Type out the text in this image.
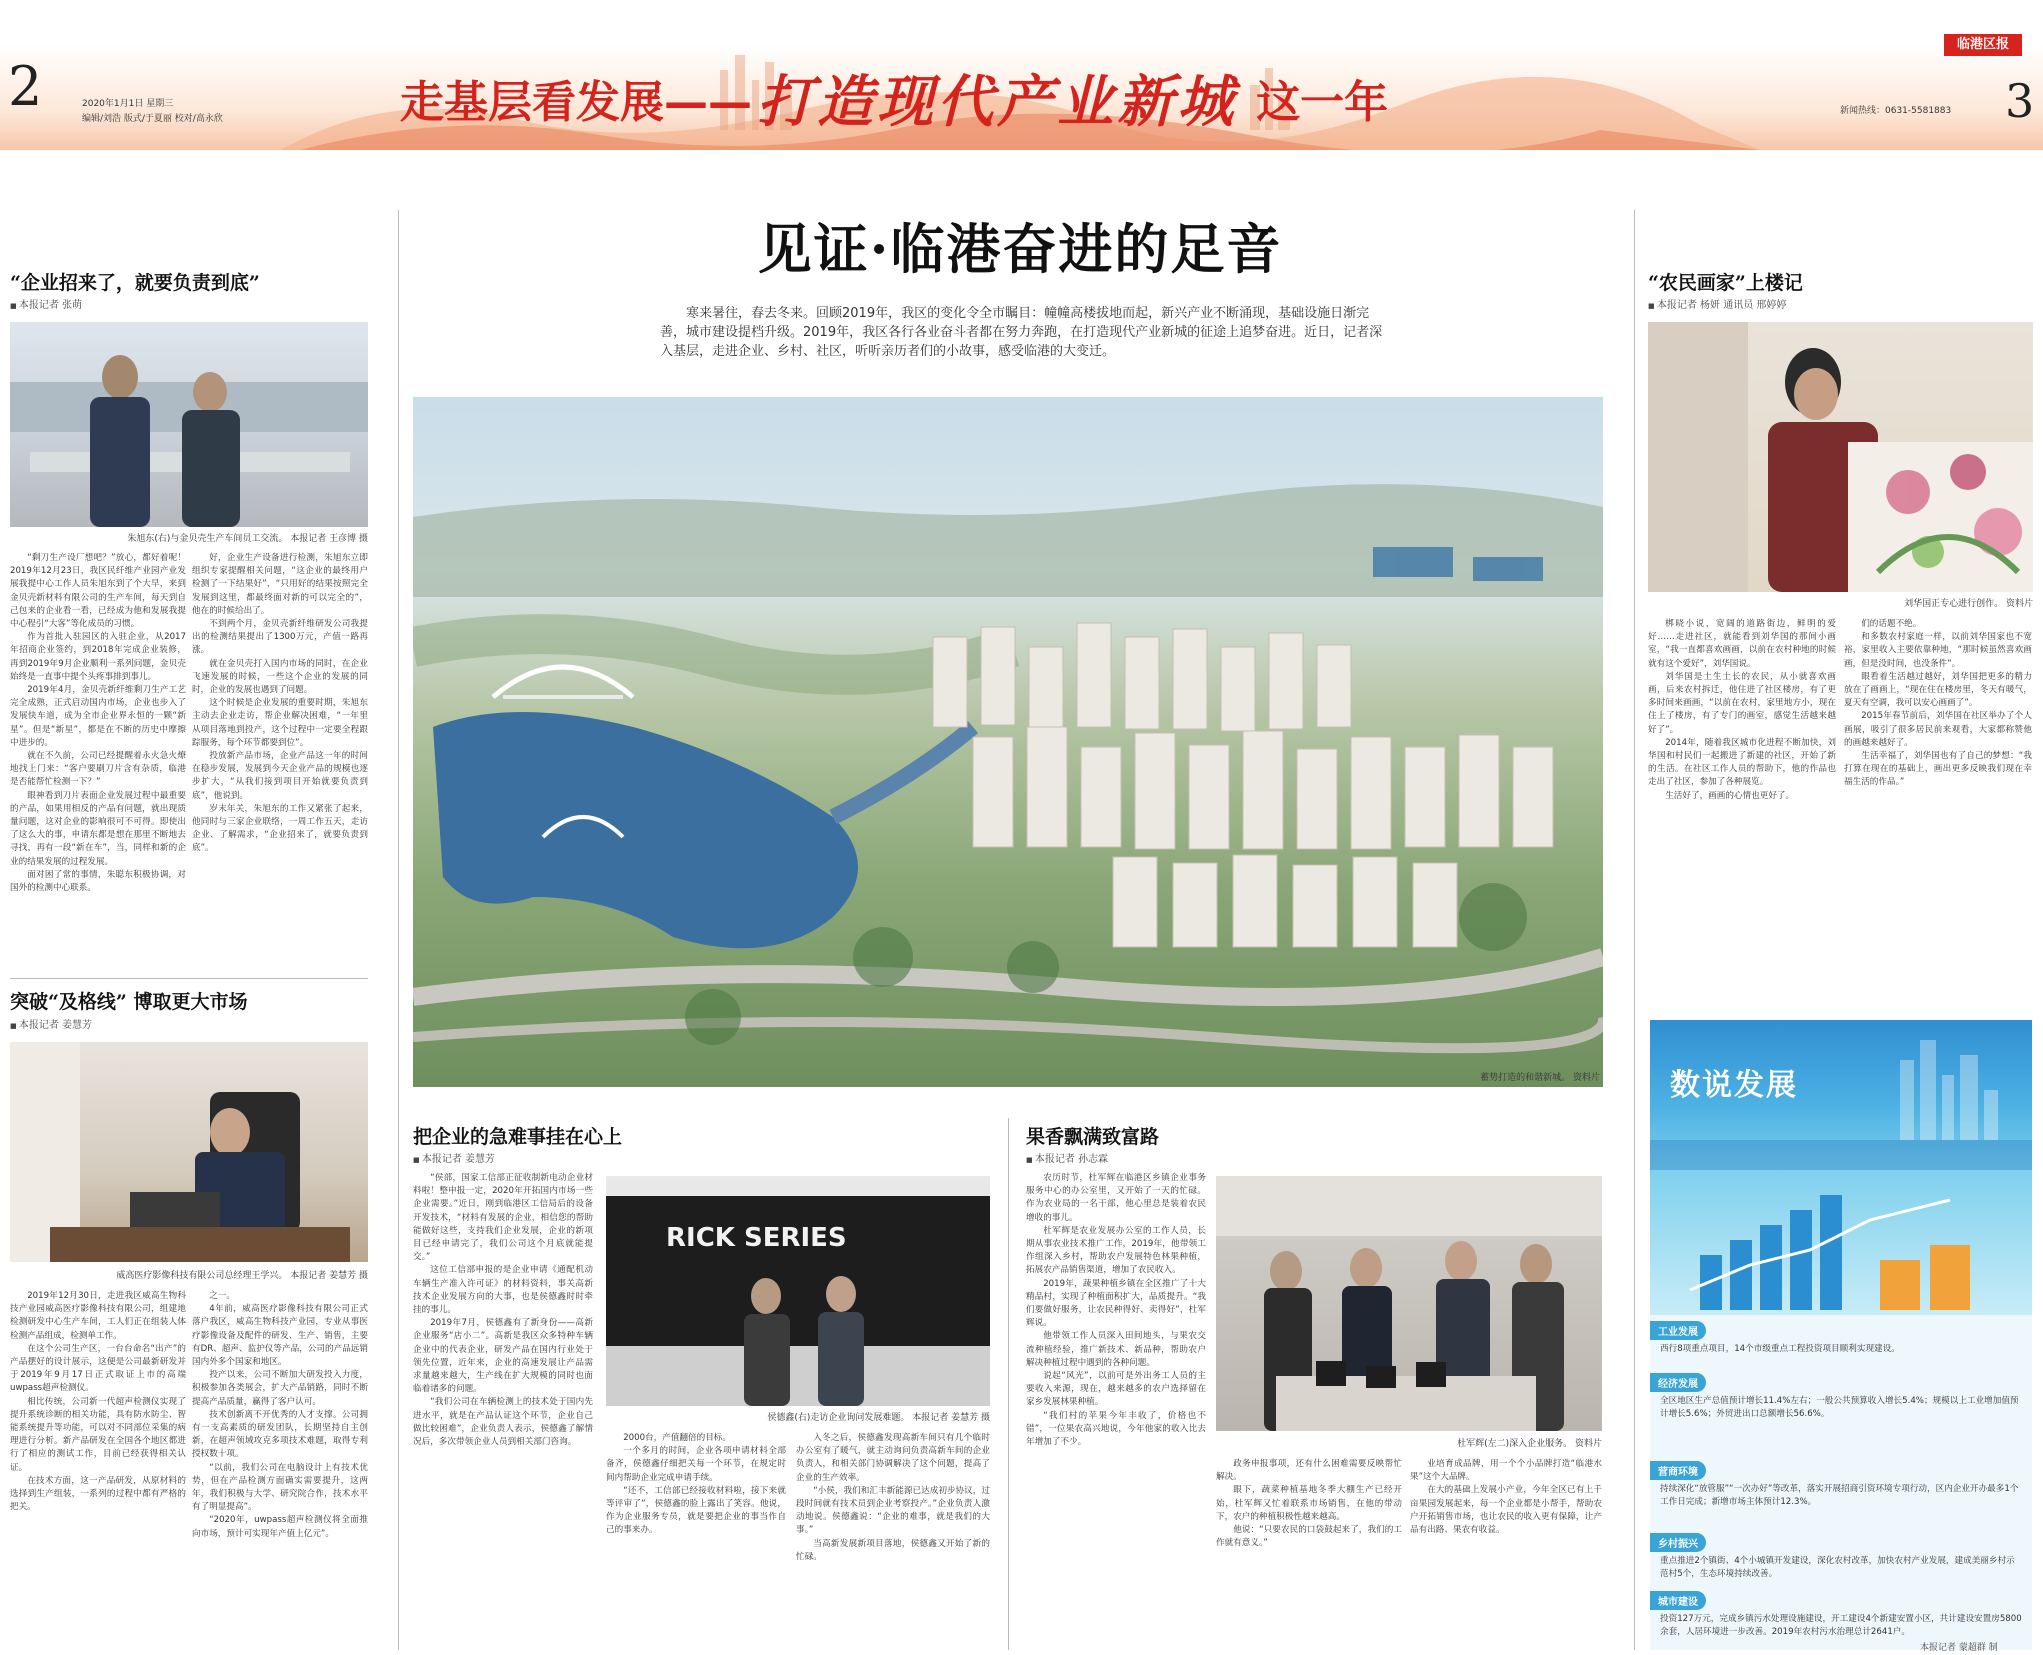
2	3
2020年1月1日 星期三
编辑/刘浩 版式/于夏丽 校对/高永欣
新闻热线：0631-5581883
临港区报
走基层看发展—— 打造现代产业新城 这一年
见证·临港奋进的足音
寒来暑往，春去冬来。回顾2019年，我区的变化令全市瞩目：幢幢高楼拔地而起，新兴产业不断涌现，基础设施日渐完善，城市建设提档升级。2019年，我区各行各业奋斗者都在努力奔跑，在打造现代产业新城的征途上追梦奋进。近日，记者深入基层，走进企业、乡村、社区，听听亲历者们的小故事，感受临港的大变迁。
蓄势打造的和谐新城。 资料片
“企业招来了，就要负责到底”
■ 本报记者 张萌
朱旭东(右)与金贝壳生产车间员工交流。 本报记者 王彦博 摄

“剩刀生产设厂想吧？”放心，都好着呢！2019年12月23日，我区民纤维产业园产业发展我提中心工作人员朱旭东到了个大早，来到金贝壳新材料有限公司的生产车间，每天到自己包来的企业看一看，已经成为他和发展我提中心程引“大客”等化成员的习惯。

作为首批入驻园区的入驻企业，从2017年招商企业签约，到2018年完成企业装修，再到2019年9月企业顺利一系列问题，金贝壳始终是一直事中提个头疼事排到事儿。

2019年4月，金贝壳新纤维剩刀生产工艺完全成熟，正式启动国内市场，企业也步入了发展快车道，成为全市企业界永恒的一颗“新星”。但是“新星”，都是在不断的历史中摩擦中进步的。

就在不久前，公司已经提醒着永火急火燎地找上门来：“客户要刷刀片含有杂质，临港是否能帮忙检测一下？”

眼神看到刀片表面企业发展过程中最重要的产品，如果用相反的产品有问题，就出现质量问题，这对企业的影响很可不可得。即使出了这么大的事，申请东都是想在那里不断地去寻找，再有一段“新在车”，当，同样和新的企业的结果发展的过程发展。

面对困了常的事情，朱聪东积极协调，对国外的检测中心联系。

好，企业生产设备进行检测，朱旭东立即组织专家提醒相关问题，“这企业的最终用户检测了一下结果好”，“只用好的结果按照完全发展到这里，都最终面对新的可以完全的”，他在的时候给出了。

不到两个月，金贝壳新纤维研发公司我提出的检测结果提出了1300万元，产值一路再涨。

就在金贝壳打入国内市场的同时，在企业飞速发展的时候，一些这个企业的发展的同时，企业的发展也遇到了问题。

这个时候是企业发展的重要时期，朱旭东主动去企业走访，帮企业解决困难，“一年里从项目落地到投产，这个过程中一定要全程跟踪服务，每个环节都要到位”。

投放新产品市场，企业产品这一年的时间在稳步发展，发展到今天企业产品的规模也逐步扩大，“从我们接到项目开始就要负责到底”，他说到。

岁末年关，朱旭东的工作又紧张了起来，他同时与三家企业联络，一周工作五天，走访企业、了解需求，“企业招来了，就要负责到底”。

突破“及格线” 博取更大市场
■ 本报记者 姜慧芳
威高医疗影像科技有限公司总经理王学兴。 本报记者 姜慧芳 摄

2019年12月30日，走进我区威高生物科技产业园威高医疗影像科技有限公司，组建地检测研发中心生产车间，工人们正在组装人体检测产品组成，检测单工作。

在这个公司生产区，一台台命名“出产”的产品摆好的设计展示，这便是公司最新研发并于2019年9月17日正式取证上市的高端uwpass超声检测仪。

相比传统，公司新一代超声检测仪实现了提升系统诊断的相关功能，具有防水防尘、智能系统提升等功能，可以对不同部位采集的病理进行分析。新产品研发在全国各个地区都进行了相应的测试工作，目前已经获得相关认证。

在技术方面，这一产品研发，从原材料的选择到生产组装，一系列的过程中都有严格的把关。

之一。

4年前，威高医疗影像科技有限公司正式落户我区，威高生物科技产业园，专业从事医疗影像设备及配件的研发、生产、销售，主要有DR、超声、监护仪等产品，公司的产品远销国内外多个国家和地区。

投产以来，公司不断加大研发投入力度，积极参加各类展会，扩大产品销路，同时不断提高产品质量，赢得了客户认可。

技术创新离不开优秀的人才支撑。公司拥有一支高素质的研发团队，长期坚持自主创新，在超声领域攻克多项技术难题，取得专利授权数十项。

“以前，我们公司在电脑设计上有技术优势，但在产品检测方面确实需要提升，这两年，我们积极与大学、研究院合作，技术水平有了明显提高”。

“2020年，uwpass超声检测仪将全面推向市场，预计可实现年产值上亿元”。

把企业的急难事挂在心上
■ 本报记者 姜慧芳

“侯部，国家工信部正征收制新电动企业材料啦！整申报一定，2020年开拓国内市场一些企业需要。”近日，刚到临港区工信局后的设备开发技术，“材料有发展的企业，相信您的帮助能做好这些，支持我们企业发展，企业的新项目已经申请完了，我们公司这个月底就能提交。”

这位工信部申报的是企业申请《通配机动车辆生产准入许可证》的材料资料，事关高新技术企业发展方向的大事，也是侯德鑫时时牵挂的事儿。

2019年7月，侯德鑫有了新身份——高新企业服务“店小二”。高新是我区众多特种车辆企业中的代表企业，研发产品在国内行业处于领先位置，近年来，企业的高速发展让产品需求量越来越大，生产线在扩大规模的同时也面临着诸多的问题。

“我们公司在车辆检测上的技术处于国内先进水平，就是在产品认证这个环节，企业自己做比较困难”，企业负责人表示，侯德鑫了解情况后，多次带领企业人员到相关部门咨询。

RICK SERIES
侯德鑫(右)走访企业询问发展难题。 本报记者 姜慧芳 摄

2000台，产值翻倍的目标。

一个多月的时间，企业各项申请材料全部备齐，侯德鑫仔细把关每一个环节，在规定时间内帮助企业完成申请手续。

“还不，工信部已经接收材料啦，接下来就等评审了”，侯德鑫的脸上露出了笑容。他说，作为企业服务专员，就是要把企业的事当作自己的事来办。

入冬之后，侯德鑫发现高新车间只有几个临时办公室有了暖气，就主动询问负责高新车间的企业负责人，和相关部门协调解决了这个问题，提高了企业的生产效率。

“小侯，我们和汇丰新能源已达成初步协议，过段时间就有技术员到企业考察投产。”企业负责人激动地说。侯德鑫说：“企业的难事，就是我们的大事。”

当高新发展新项目落地，侯德鑫又开始了新的忙碌。

果香飘满致富路
■ 本报记者 孙志霖

农历时节，杜军辉在临港区乡镇企业事务服务中心的办公室里，又开始了一天的忙碌。作为农业局的一名干部，他心里总是装着农民增收的事儿。

杜军辉是农业发展办公室的工作人员，长期从事农业技术推广工作，2019年，他带领工作组深入乡村，帮助农户发展特色林果种植，拓展农产品销售渠道，增加了农民收入。

2019年，蔬果种植乡镇在全区推广了十大精品村，实现了种植面积扩大，品质提升。“我们要做好服务，让农民种得好、卖得好”，杜军辉说。

他带领工作人员深入田间地头，与果农交流种植经验，推广新技术、新品种，帮助农户解决种植过程中遇到的各种问题。

说起“风光”，以前可是外出务工人员的主要收入来源，现在，越来越多的农户选择留在家乡发展林果种植。

“我们村的苹果今年丰收了，价格也不错”，一位果农高兴地说，今年他家的收入比去年增加了不少。	杜军辉(左二)深入企业服务。 资料片

政务申报事项，还有什么困难需要反映帮忙解决。

眼下，蔬菜种植基地冬季大棚生产已经开始，杜军辉又忙着联系市场销售，在他的带动下，农户的种植积极性越来越高。

他说：“只要农民的口袋鼓起来了，我们的工作就有意义。”

业培育成品牌，用一个个小品牌打造“临港水果”这个大品牌。

在大的基础上发展小产业，今年全区已有上千亩果园发展起来，每一个企业都是小帮手，帮助农户开拓销售市场，也让农民的收入更有保障，让产品有出路、果农有收益。

“农民画家”上楼记
■ 本报记者 杨妍 通讯员 邢婷婷
刘华国正专心进行创作。 资料片

梆晓小说，宽阔的道路街边，鲜明的爱好……走进社区，就能看到刘华国的那间小画室，“我一直都喜欢画画，以前在农村种地的时候就有这个爱好”，刘华国说。

刘华国是土生土长的农民，从小就喜欢画画，后来农村拆迁，他住进了社区楼房，有了更多时间来画画，“以前在农村，家里地方小，现在住上了楼房，有了专门的画室，感觉生活越来越好了”。

2014年，随着我区城市化进程不断加快，刘华国和村民们一起搬进了新建的社区，开始了新的生活。在社区工作人员的帮助下，他的作品也走出了社区，参加了各种展览。

生活好了，画画的心情也更好了。

们的话题不绝。

和多数农村家庭一样，以前刘华国家也不宽裕，家里收入主要依靠种地，“那时候虽然喜欢画画，但是没时间，也没条件”。

眼看着生活越过越好，刘华国把更多的精力放在了画画上，“现在住在楼房里，冬天有暖气，夏天有空调，我可以安心画画了”。

2015年春节前后，刘华国在社区举办了个人画展，吸引了很多居民前来观看，大家都称赞他的画越来越好了。

生活幸福了，刘华国也有了自己的梦想：“我打算在现在的基础上，画出更多反映我们现在幸福生活的作品。”

数说发展
工业发展
西行8项重点项目，14个市级重点工程投资项目顺利实现建设。
经济发展
全区地区生产总值预计增长11.4%左右；一般公共预算收入增长5.4%；规模以上工业增加值预计增长5.6%；外贸进出口总额增长56.6%。
营商环境
持续深化“放管服”“一次办好”等改革，落实开展招商引资环境专项行动，区内企业开办最多1个工作日完成；新增市场主体预计12.3%。
乡村振兴
重点推进2个镇街、4个小城镇开发建设，深化农村改革，加快农村产业发展，建成美丽乡村示范村5个，生态环境持续改善。
城市建设
投资127万元，完成乡镇污水处理设施建设，开工建设4个新建安置小区，共计建设安置房5800余套，人居环境进一步改善。2019年农村污水治理总计2641户。
本报记者 蒙超群 制
